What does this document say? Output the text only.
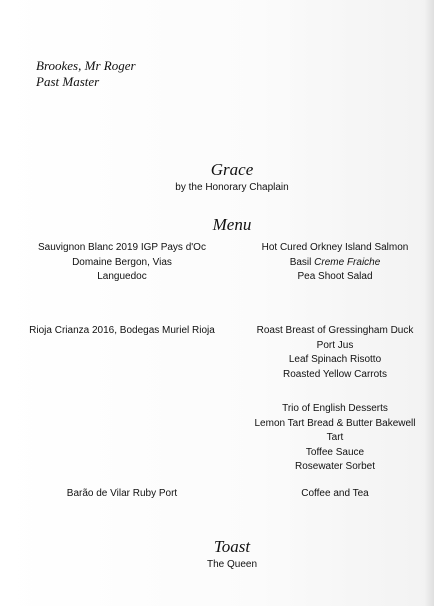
Brookes, Mr Roger
Past Master
Grace
by the Honorary Chaplain
Menu
Sauvignon Blanc 2019 IGP Pays d'Oc
Domaine Bergon, Vias
Languedoc
Hot Cured Orkney Island Salmon
Basil Creme Fraiche
Pea Shoot Salad
Rioja Crianza 2016, Bodegas Muriel Rioja	Roast Breast of Gressingham Duck
Port Jus
Leaf Spinach Risotto
Roasted Yellow Carrots
Trio of English Desserts
Lemon Tart Bread & Butter Bakewell
Tart
Toffee Sauce
Rosewater Sorbet
Barão de Vilar Ruby Port	Coffee and Tea
Toast
The Queen
